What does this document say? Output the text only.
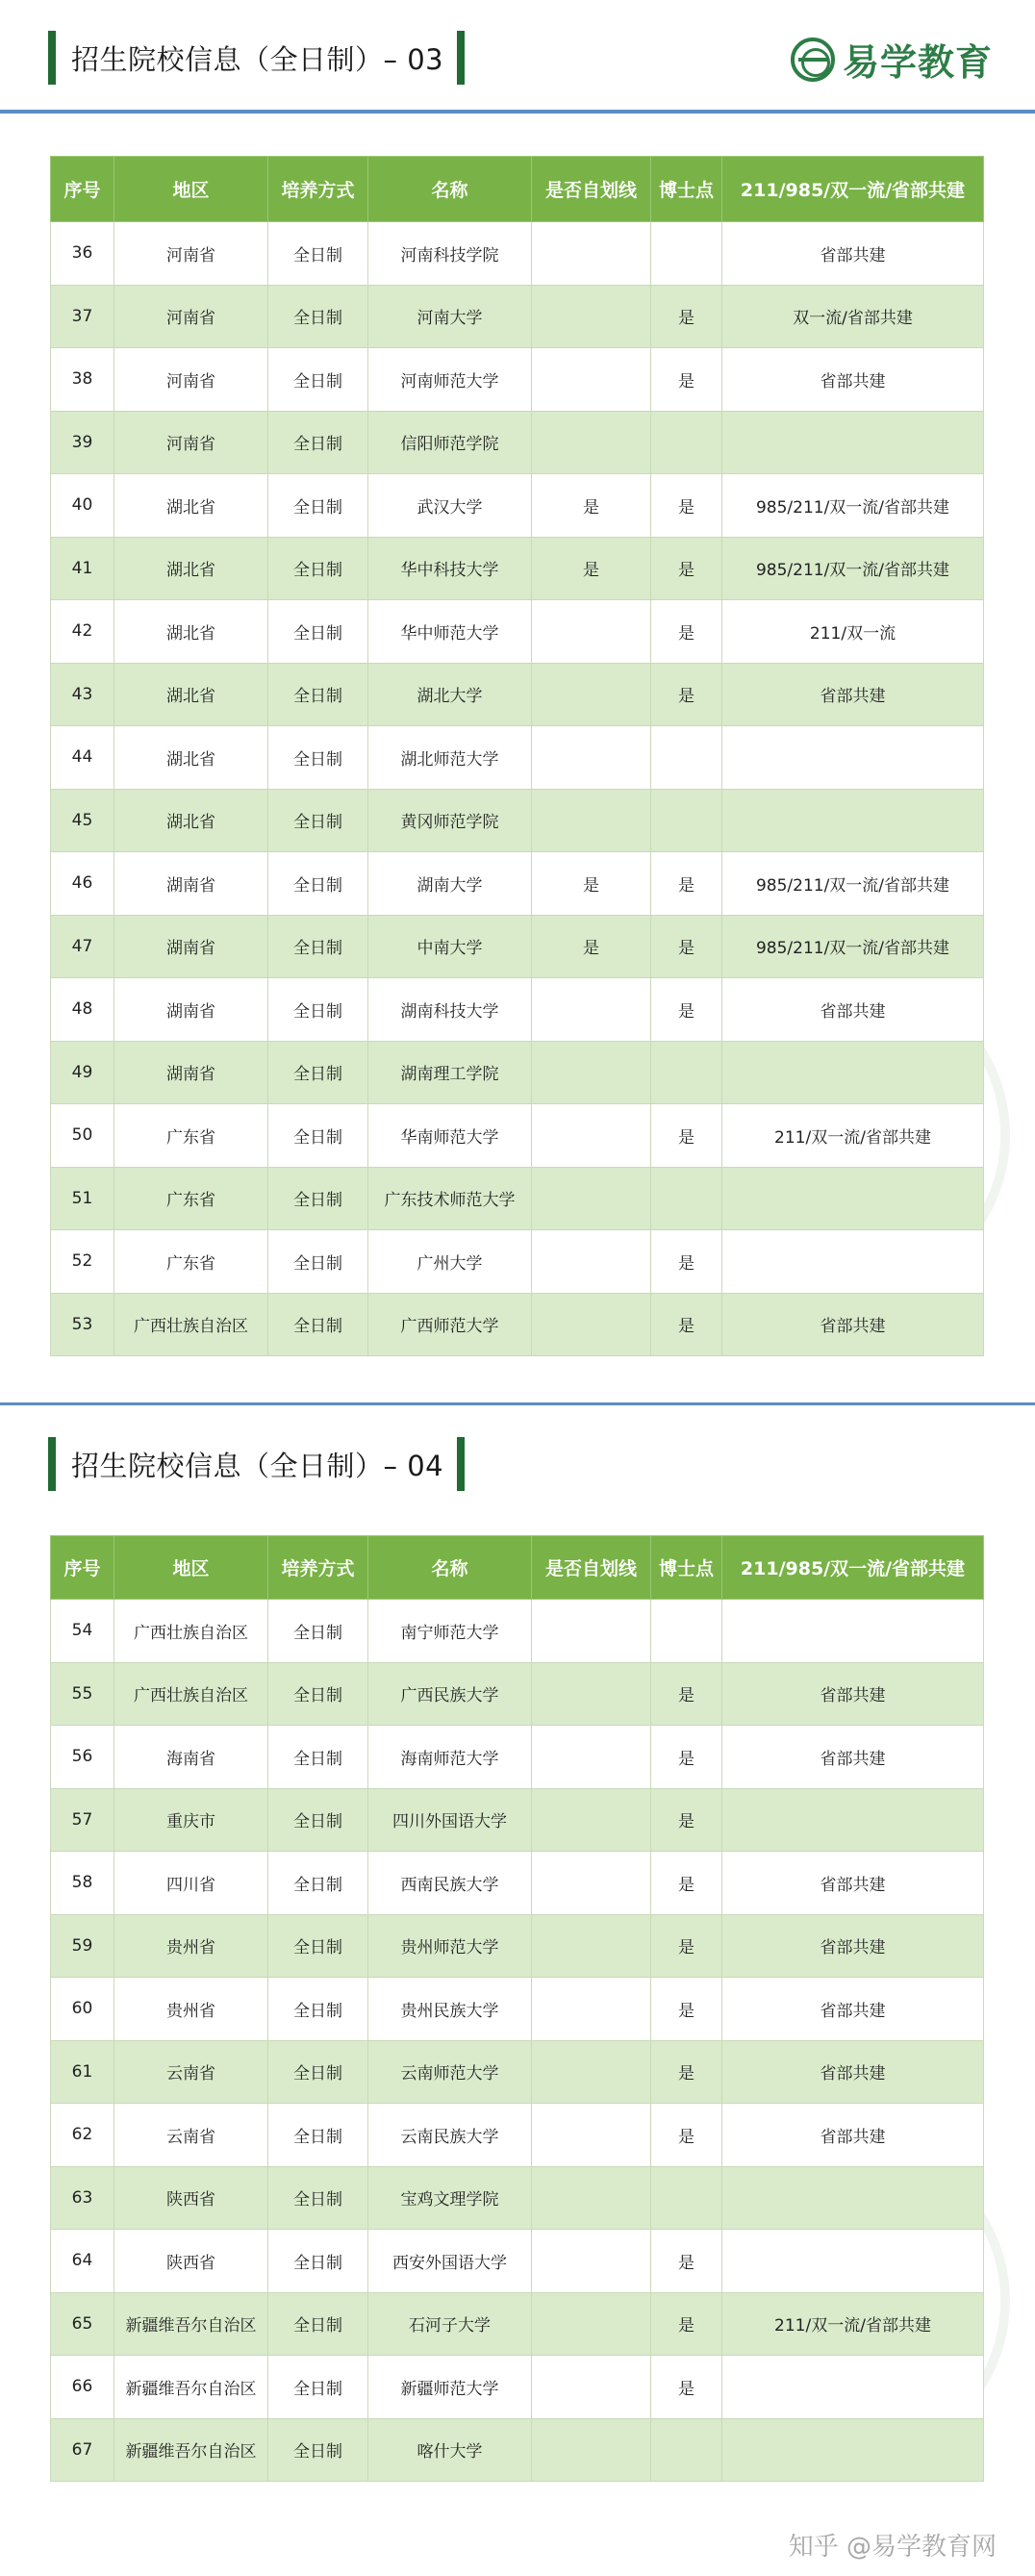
招生院校信息（全日制）– 03	易学教育
序号	地区	培养方式	名称	是否自划线	博士点	211/985/双一流/省部共建
36	河南省	全日制	河南科技学院			省部共建
37	河南省	全日制	河南大学		是	双一流/省部共建
38	河南省	全日制	河南师范大学		是	省部共建
39	河南省	全日制	信阳师范学院			
40	湖北省	全日制	武汉大学	是	是	985/211/双一流/省部共建
41	湖北省	全日制	华中科技大学	是	是	985/211/双一流/省部共建
42	湖北省	全日制	华中师范大学		是	211/双一流
43	湖北省	全日制	湖北大学		是	省部共建
44	湖北省	全日制	湖北师范大学			
45	湖北省	全日制	黄冈师范学院			
46	湖南省	全日制	湖南大学	是	是	985/211/双一流/省部共建
47	湖南省	全日制	中南大学	是	是	985/211/双一流/省部共建
48	湖南省	全日制	湖南科技大学		是	省部共建
49	湖南省	全日制	湖南理工学院			
50	广东省	全日制	华南师范大学		是	211/双一流/省部共建
51	广东省	全日制	广东技术师范大学			
52	广东省	全日制	广州大学		是	
53	广西壮族自治区	全日制	广西师范大学		是	省部共建
招生院校信息（全日制）– 04
序号	地区	培养方式	名称	是否自划线	博士点	211/985/双一流/省部共建
54	广西壮族自治区	全日制	南宁师范大学			
55	广西壮族自治区	全日制	广西民族大学		是	省部共建
56	海南省	全日制	海南师范大学		是	省部共建
57	重庆市	全日制	四川外国语大学		是	
58	四川省	全日制	西南民族大学		是	省部共建
59	贵州省	全日制	贵州师范大学		是	省部共建
60	贵州省	全日制	贵州民族大学		是	省部共建
61	云南省	全日制	云南师范大学		是	省部共建
62	云南省	全日制	云南民族大学		是	省部共建
63	陕西省	全日制	宝鸡文理学院			
64	陕西省	全日制	西安外国语大学		是	
65	新疆维吾尔自治区	全日制	石河子大学		是	211/双一流/省部共建
66	新疆维吾尔自治区	全日制	新疆师范大学		是	
67	新疆维吾尔自治区	全日制	喀什大学			
知乎 @易学教育网
